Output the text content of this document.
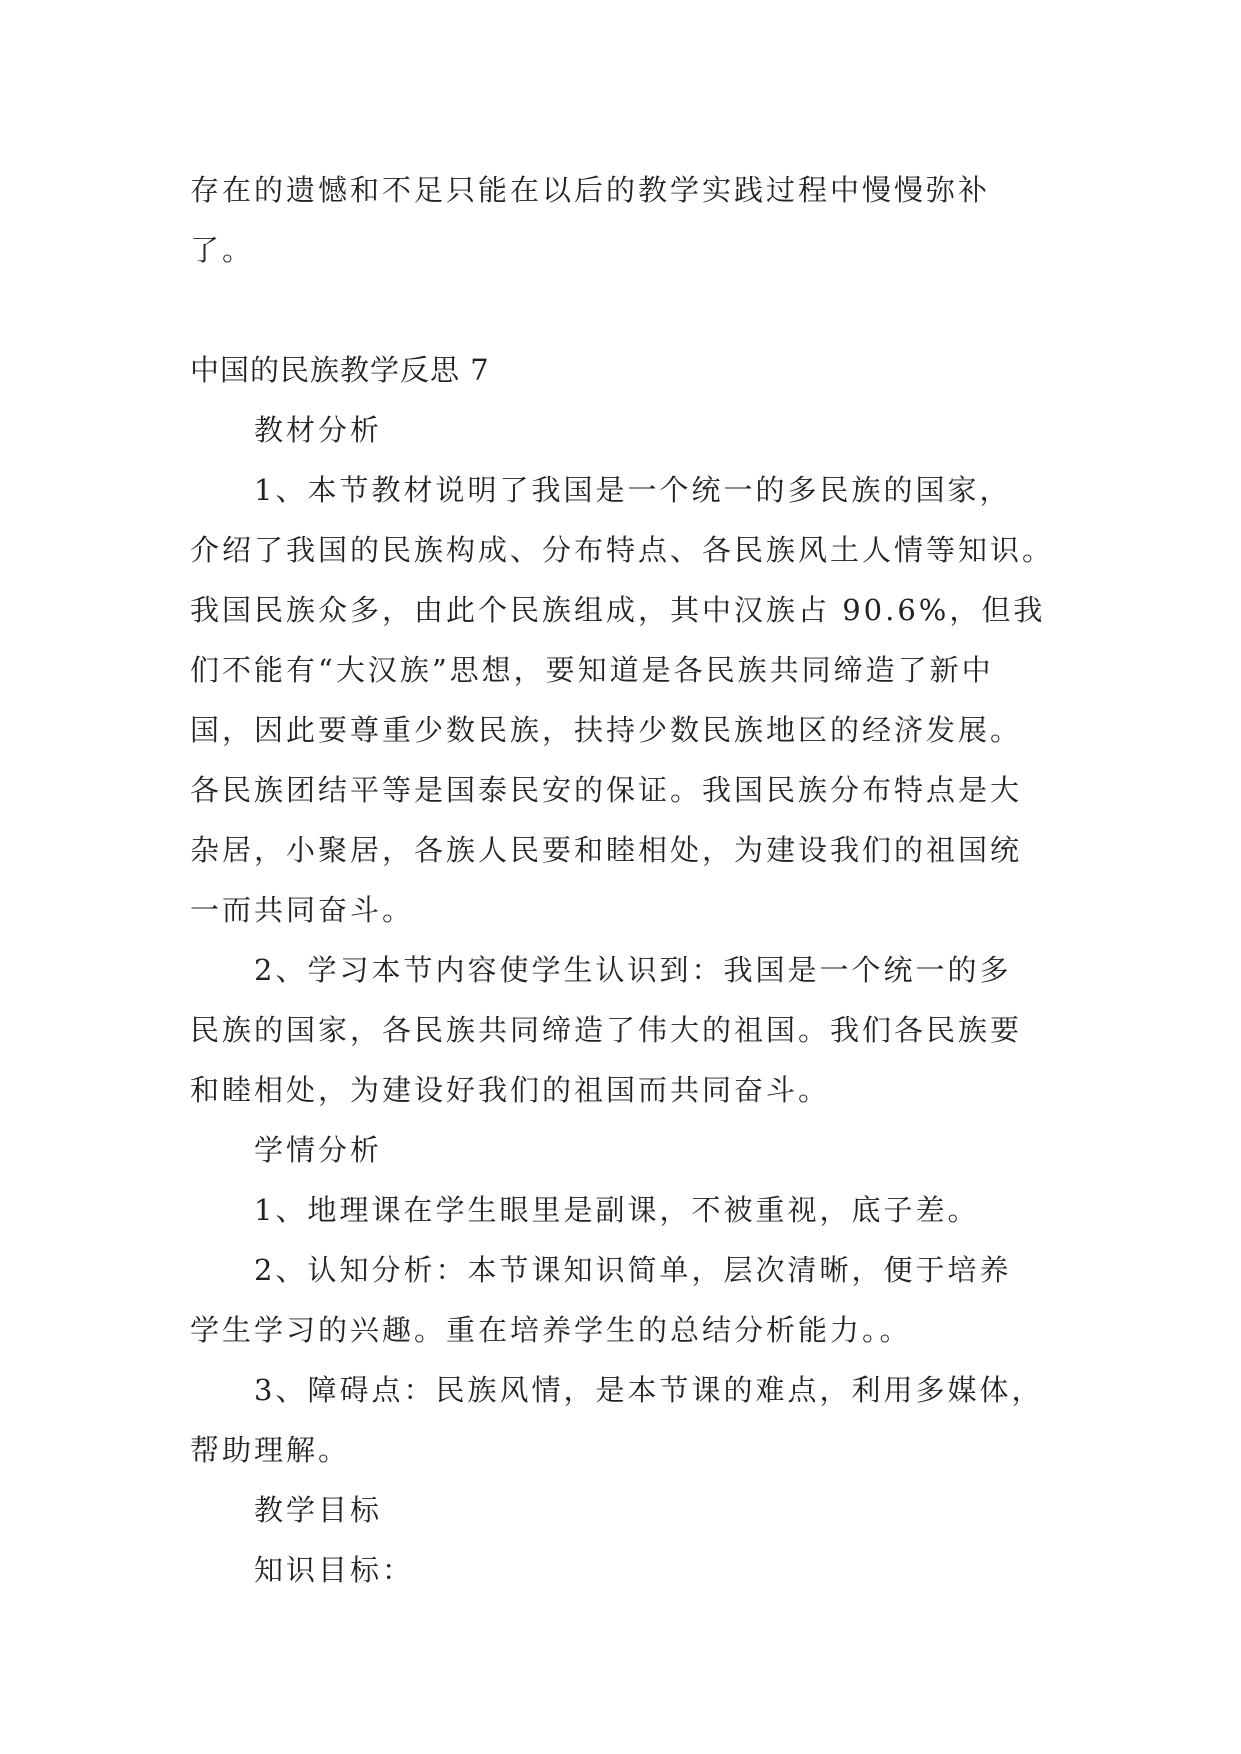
存在的遗憾和不足只能在以后的教学实践过程中慢慢弥补
了。
中国的民族教学反思 7
教材分析
1、本节教材说明了我国是一个统一的多民族的国家，
介绍了我国的民族构成、分布特点、各民族风土人情等知识。
我国民族众多，由此个民族组成，其中汉族占 90.6%，但我
们不能有“大汉族”思想，要知道是各民族共同缔造了新中
国，因此要尊重少数民族，扶持少数民族地区的经济发展。
各民族团结平等是国泰民安的保证。我国民族分布特点是大
杂居，小聚居，各族人民要和睦相处，为建设我们的祖国统
一而共同奋斗。
2、学习本节内容使学生认识到：我国是一个统一的多
民族的国家，各民族共同缔造了伟大的祖国。我们各民族要
和睦相处，为建设好我们的祖国而共同奋斗。
学情分析
1、地理课在学生眼里是副课，不被重视，底子差。
2、认知分析：本节课知识简单，层次清晰，便于培养
学生学习的兴趣。重在培养学生的总结分析能力。。
3、障碍点：民族风情，是本节课的难点，利用多媒体，
帮助理解。
教学目标
知识目标：
